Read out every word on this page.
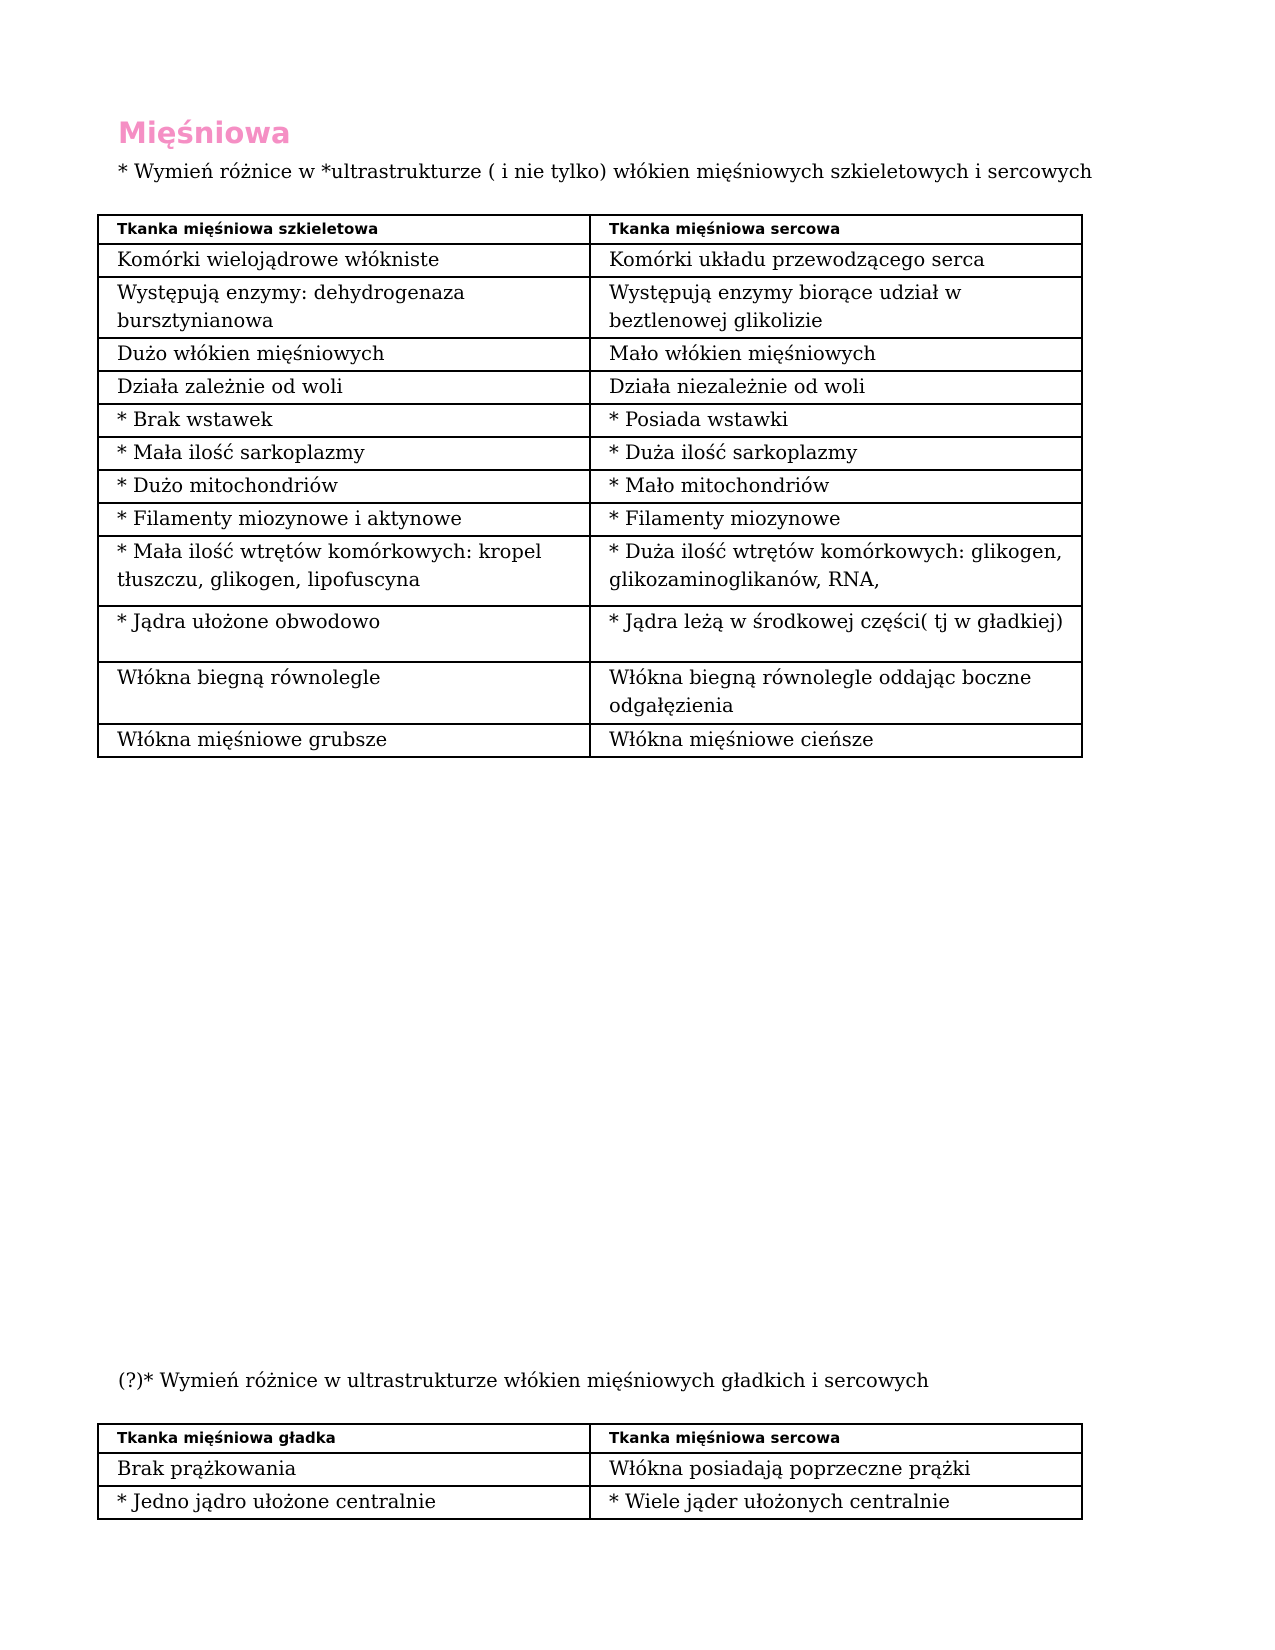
Mięśniowa
* Wymień różnice w *ultrastrukturze ( i nie tylko) włókien mięśniowych szkieletowych i sercowych
Tkanka mięśniowa szkieletowa	Tkanka mięśniowa sercowa
Komórki wielojądrowe włókniste	Komórki układu przewodzącego serca
Występują enzymy: dehydrogenaza bursztynianowa	Występują enzymy biorące udział w beztlenowej glikolizie
Dużo włókien mięśniowych	Mało włókien mięśniowych
Działa zależnie od woli	Działa niezależnie od woli
* Brak wstawek	* Posiada wstawki
* Mała ilość sarkoplazmy	* Duża ilość sarkoplazmy
* Dużo mitochondriów	* Mało mitochondriów
* Filamenty miozynowe i aktynowe	* Filamenty miozynowe
* Mała ilość wtrętów komórkowych: kropel tłuszczu, glikogen, lipofuscyna	* Duża ilość wtrętów komórkowych: glikogen, glikozaminoglikanów, RNA,
* Jądra ułożone obwodowo	* Jądra leżą w środkowej części( tj w gładkiej)
Włókna biegną równolegle	Włókna biegną równolegle oddając boczne odgałęzienia
Włókna mięśniowe grubsze	Włókna mięśniowe cieńsze
(?)* Wymień różnice w ultrastrukturze włókien mięśniowych gładkich i sercowych
Tkanka mięśniowa gładka	Tkanka mięśniowa sercowa
Brak prążkowania	Włókna posiadają poprzeczne prążki
* Jedno jądro ułożone centralnie	* Wiele jąder ułożonych centralnie
